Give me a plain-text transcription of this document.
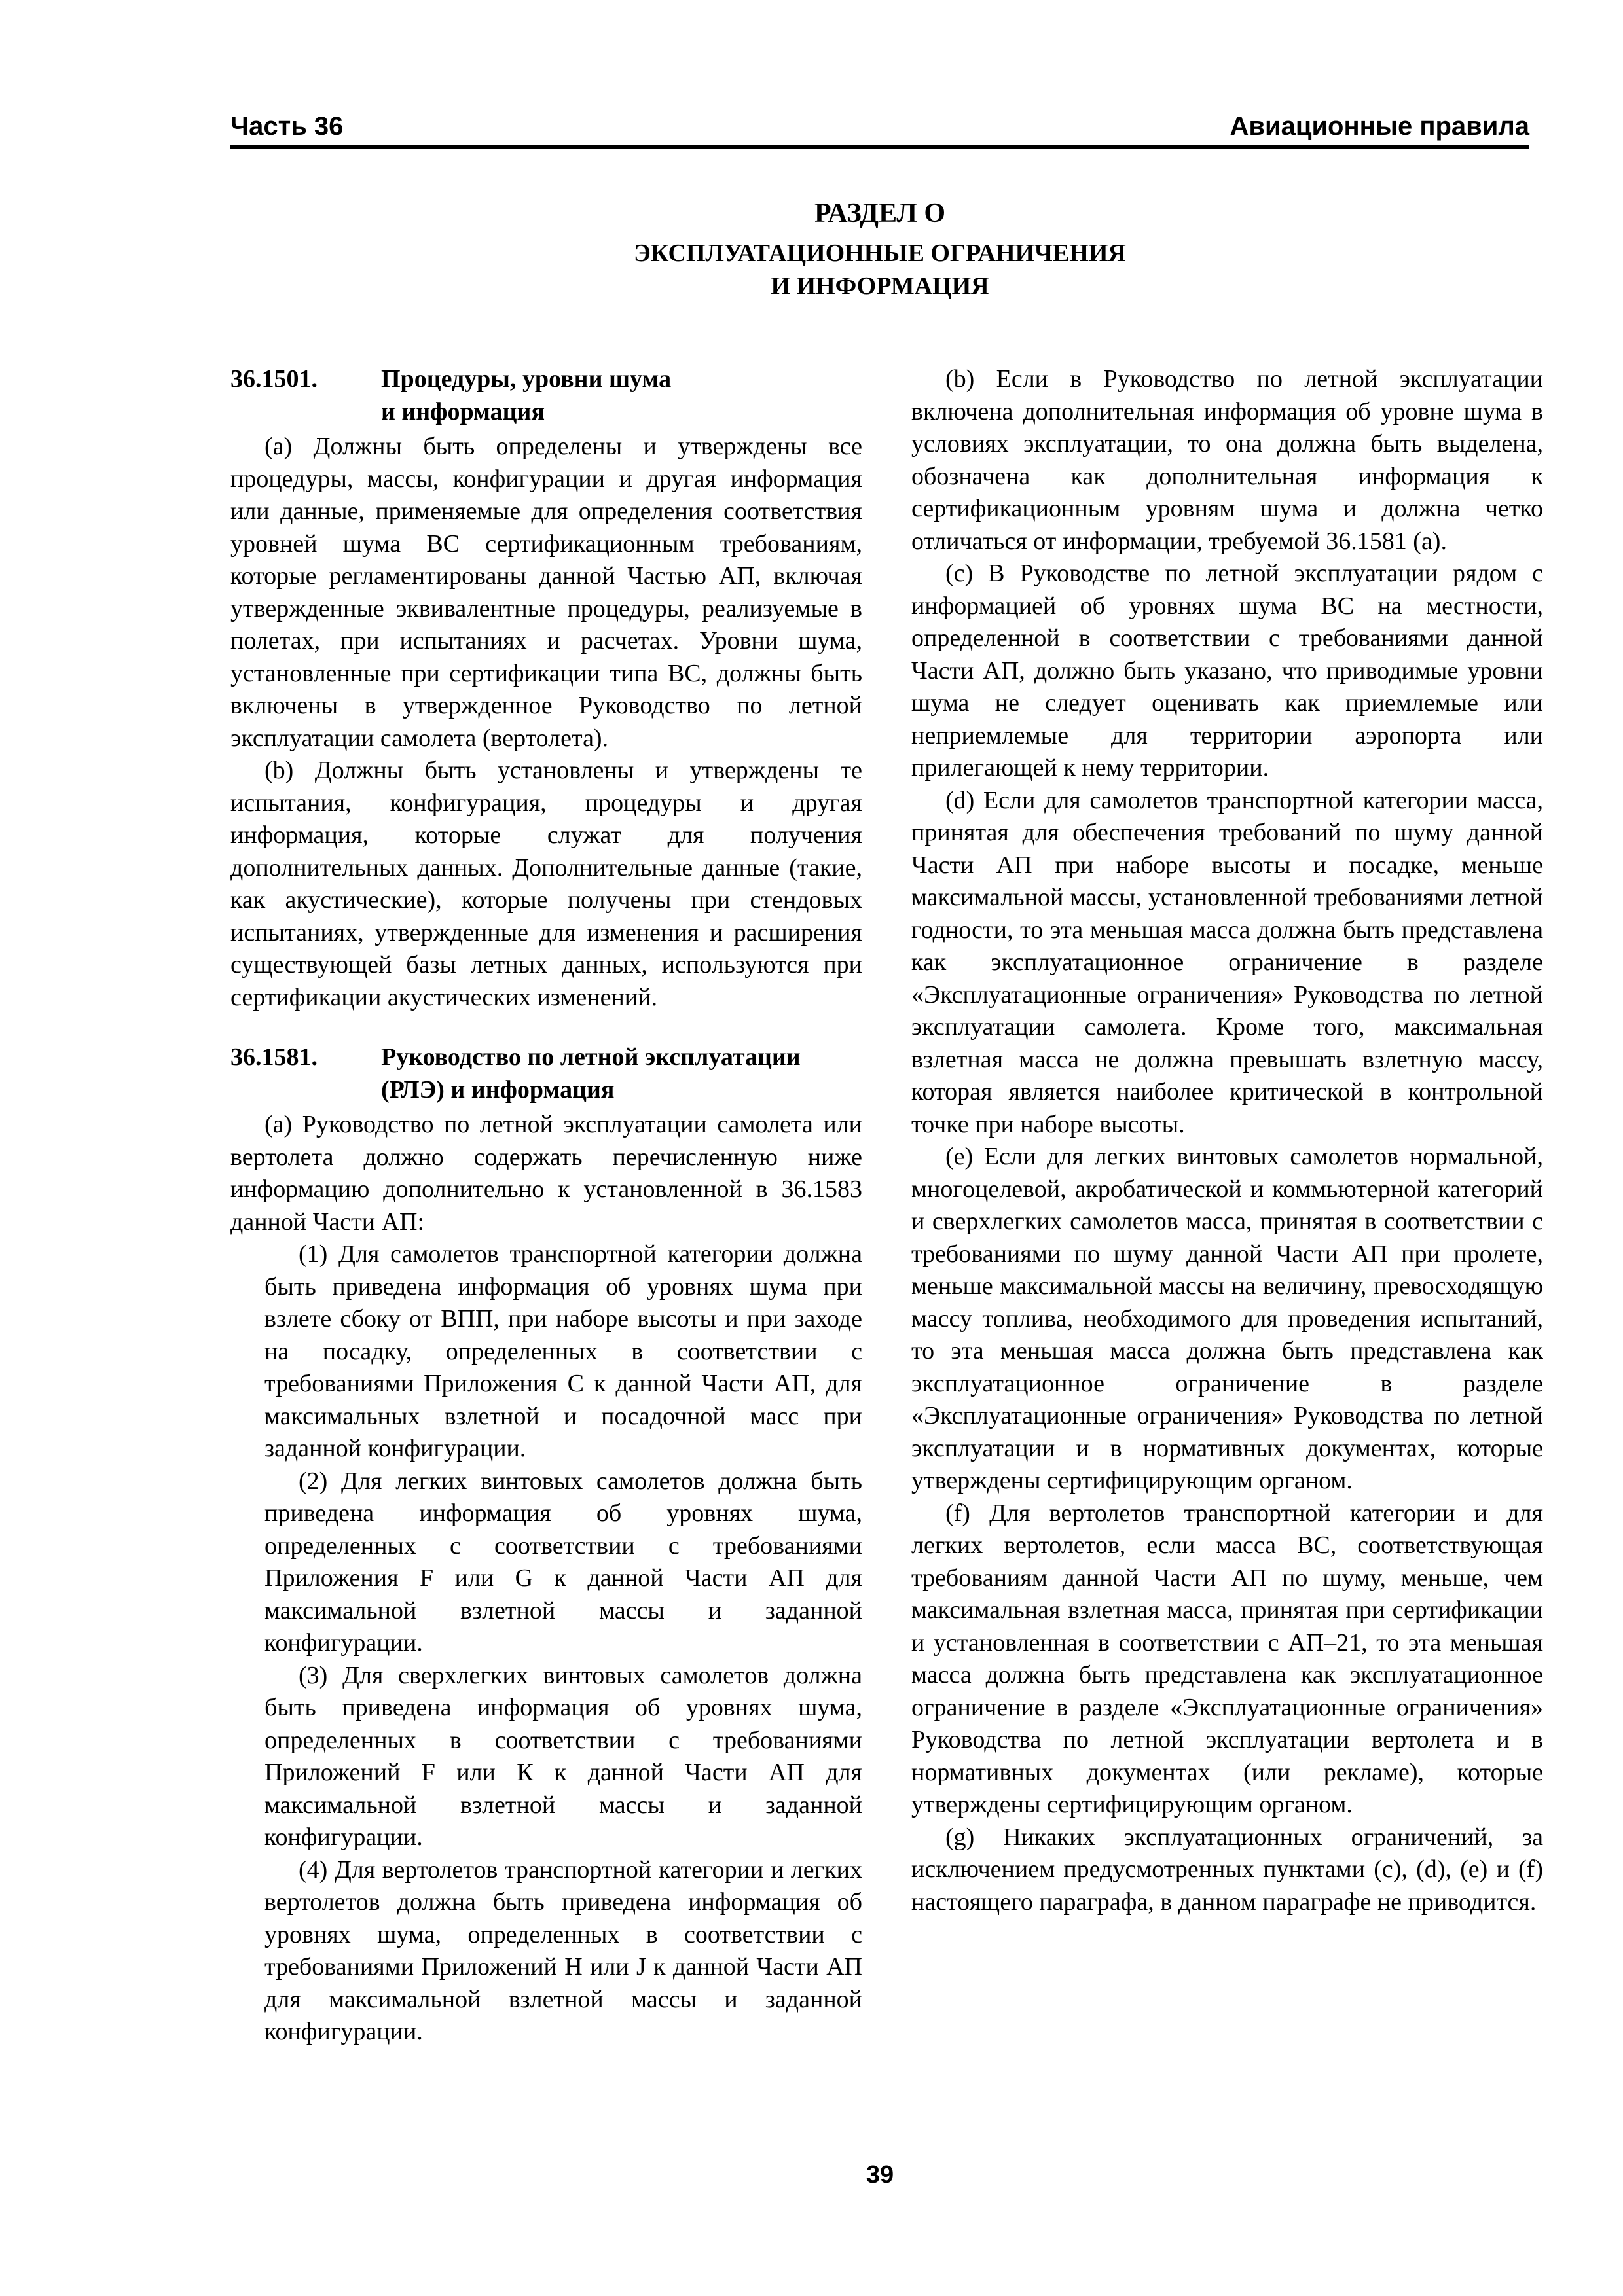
Часть 36	Авиационные правила
РАЗДЕЛ О
ЭКСПЛУАТАЦИОННЫЕ ОГРАНИЧЕНИЯ
И ИНФОРМАЦИЯ
36.1501.	Процедуры, уровни шума
и информация

(а) Должны быть определены и утверждены все процедуры, массы, конфигурации и другая информация или данные, применяемые для определения соответствия уровней шума ВС сертификационным требованиям, которые регламентированы данной Частью АП, включая утвержденные эквивалентные процедуры, реализуемые в полетах, при испытаниях и расчетах. Уровни шума, установленные при сертификации типа ВС, должны быть включены в утвержденное Руководство по летной эксплуатации самолета (вертолета).

(b) Должны быть установлены и утверждены те испытания, конфигурация, процедуры и другая информация, которые служат для получения дополнительных данных. Дополнительные данные (такие, как акустические), которые получены при стендовых испытаниях, утвержденные для изменения и расширения существующей базы летных данных, используются при сертификации акустических изменений.

36.1581.	Руководство по летной эксплуатации
(РЛЭ) и информация

(а) Руководство по летной эксплуатации самолета или вертолета должно содержать перечисленную ниже информацию дополнительно к установленной в 36.1583 данной Части АП:

(1) Для самолетов транспортной категории должна быть приведена информация об уровнях шума при взлете сбоку от ВПП, при наборе высоты и при заходе на посадку, определенных в соответствии с требованиями Приложения С к данной Части АП, для максимальных взлетной и посадочной масс при заданной конфигурации.

(2) Для легких винтовых самолетов должна быть приведена информация об уровнях шума, определенных с соответствии с требованиями Приложения F или G к данной Части АП для максимальной взлетной массы и заданной конфигурации.

(3) Для сверхлегких винтовых самолетов должна быть приведена информация об уровнях шума, определенных в соответствии с требованиями Приложений F или К к данной Части АП для максимальной взлетной массы и заданной конфигурации.

(4) Для вертолетов транспортной категории и легких вертолетов должна быть приведена информация об уровнях шума, определенных в соответствии с требованиями Приложений Н или J к данной Части АП для максимальной взлетной массы и заданной конфигурации.

(b) Если в Руководство по летной эксплуатации включена дополнительная информация об уровне шума в условиях эксплуатации, то она должна быть выделена, обозначена как дополнительная информация к сертификационным уровням шума и должна четко отличаться от информации, требуемой 36.1581 (а).

(с) В Руководстве по летной эксплуатации рядом с информацией об уровнях шума ВС на местности, определенной в соответствии с требованиями данной Части АП, должно быть указано, что приводимые уровни шума не следует оценивать как приемлемые или неприемлемые для территории аэропорта или прилегающей к нему территории.

(d) Если для самолетов транспортной категории масса, принятая для обеспечения требований по шуму данной Части АП при наборе высоты и посадке, меньше максимальной массы, установленной требованиями летной годности, то эта меньшая масса должна быть представлена как эксплуатационное ограничение в разделе «Эксплуатационные ограничения» Руководства по летной эксплуатации самолета. Кроме того, максимальная взлетная масса не должна превышать взлетную массу, которая является наиболее критической в контрольной точке при наборе высоты.

(е) Если для легких винтовых самолетов нормальной, многоцелевой, акробатической и коммьютерной категорий и сверхлегких самолетов масса, принятая в соответствии с требованиями по шуму данной Части АП при пролете, меньше максимальной массы на величину, превосходящую массу топлива, необходимого для проведения испытаний, то эта меньшая масса должна быть представлена как эксплуатационное ограничение в разделе «Эксплуатационные ограничения» Руководства по летной эксплуатации и в нормативных документах, которые утверждены сертифицирующим органом.

(f) Для вертолетов транспортной категории и для легких вертолетов, если масса ВС, соответствующая требованиям данной Части АП по шуму, меньше, чем максимальная взлетная масса, принятая при сертификации и установленная в соответствии с АП–21, то эта меньшая масса должна быть представлена как эксплуатационное ограничение в разделе «Эксплуатационные ограничения» Руководства по летной эксплуатации вертолета и в нормативных документах (или рекламе), которые утверждены сертифицирующим органом.

(g) Никаких эксплуатационных ограничений, за исключением предусмотренных пунктами (с), (d), (е) и (f) настоящего параграфа, в данном параграфе не приводится.

39
